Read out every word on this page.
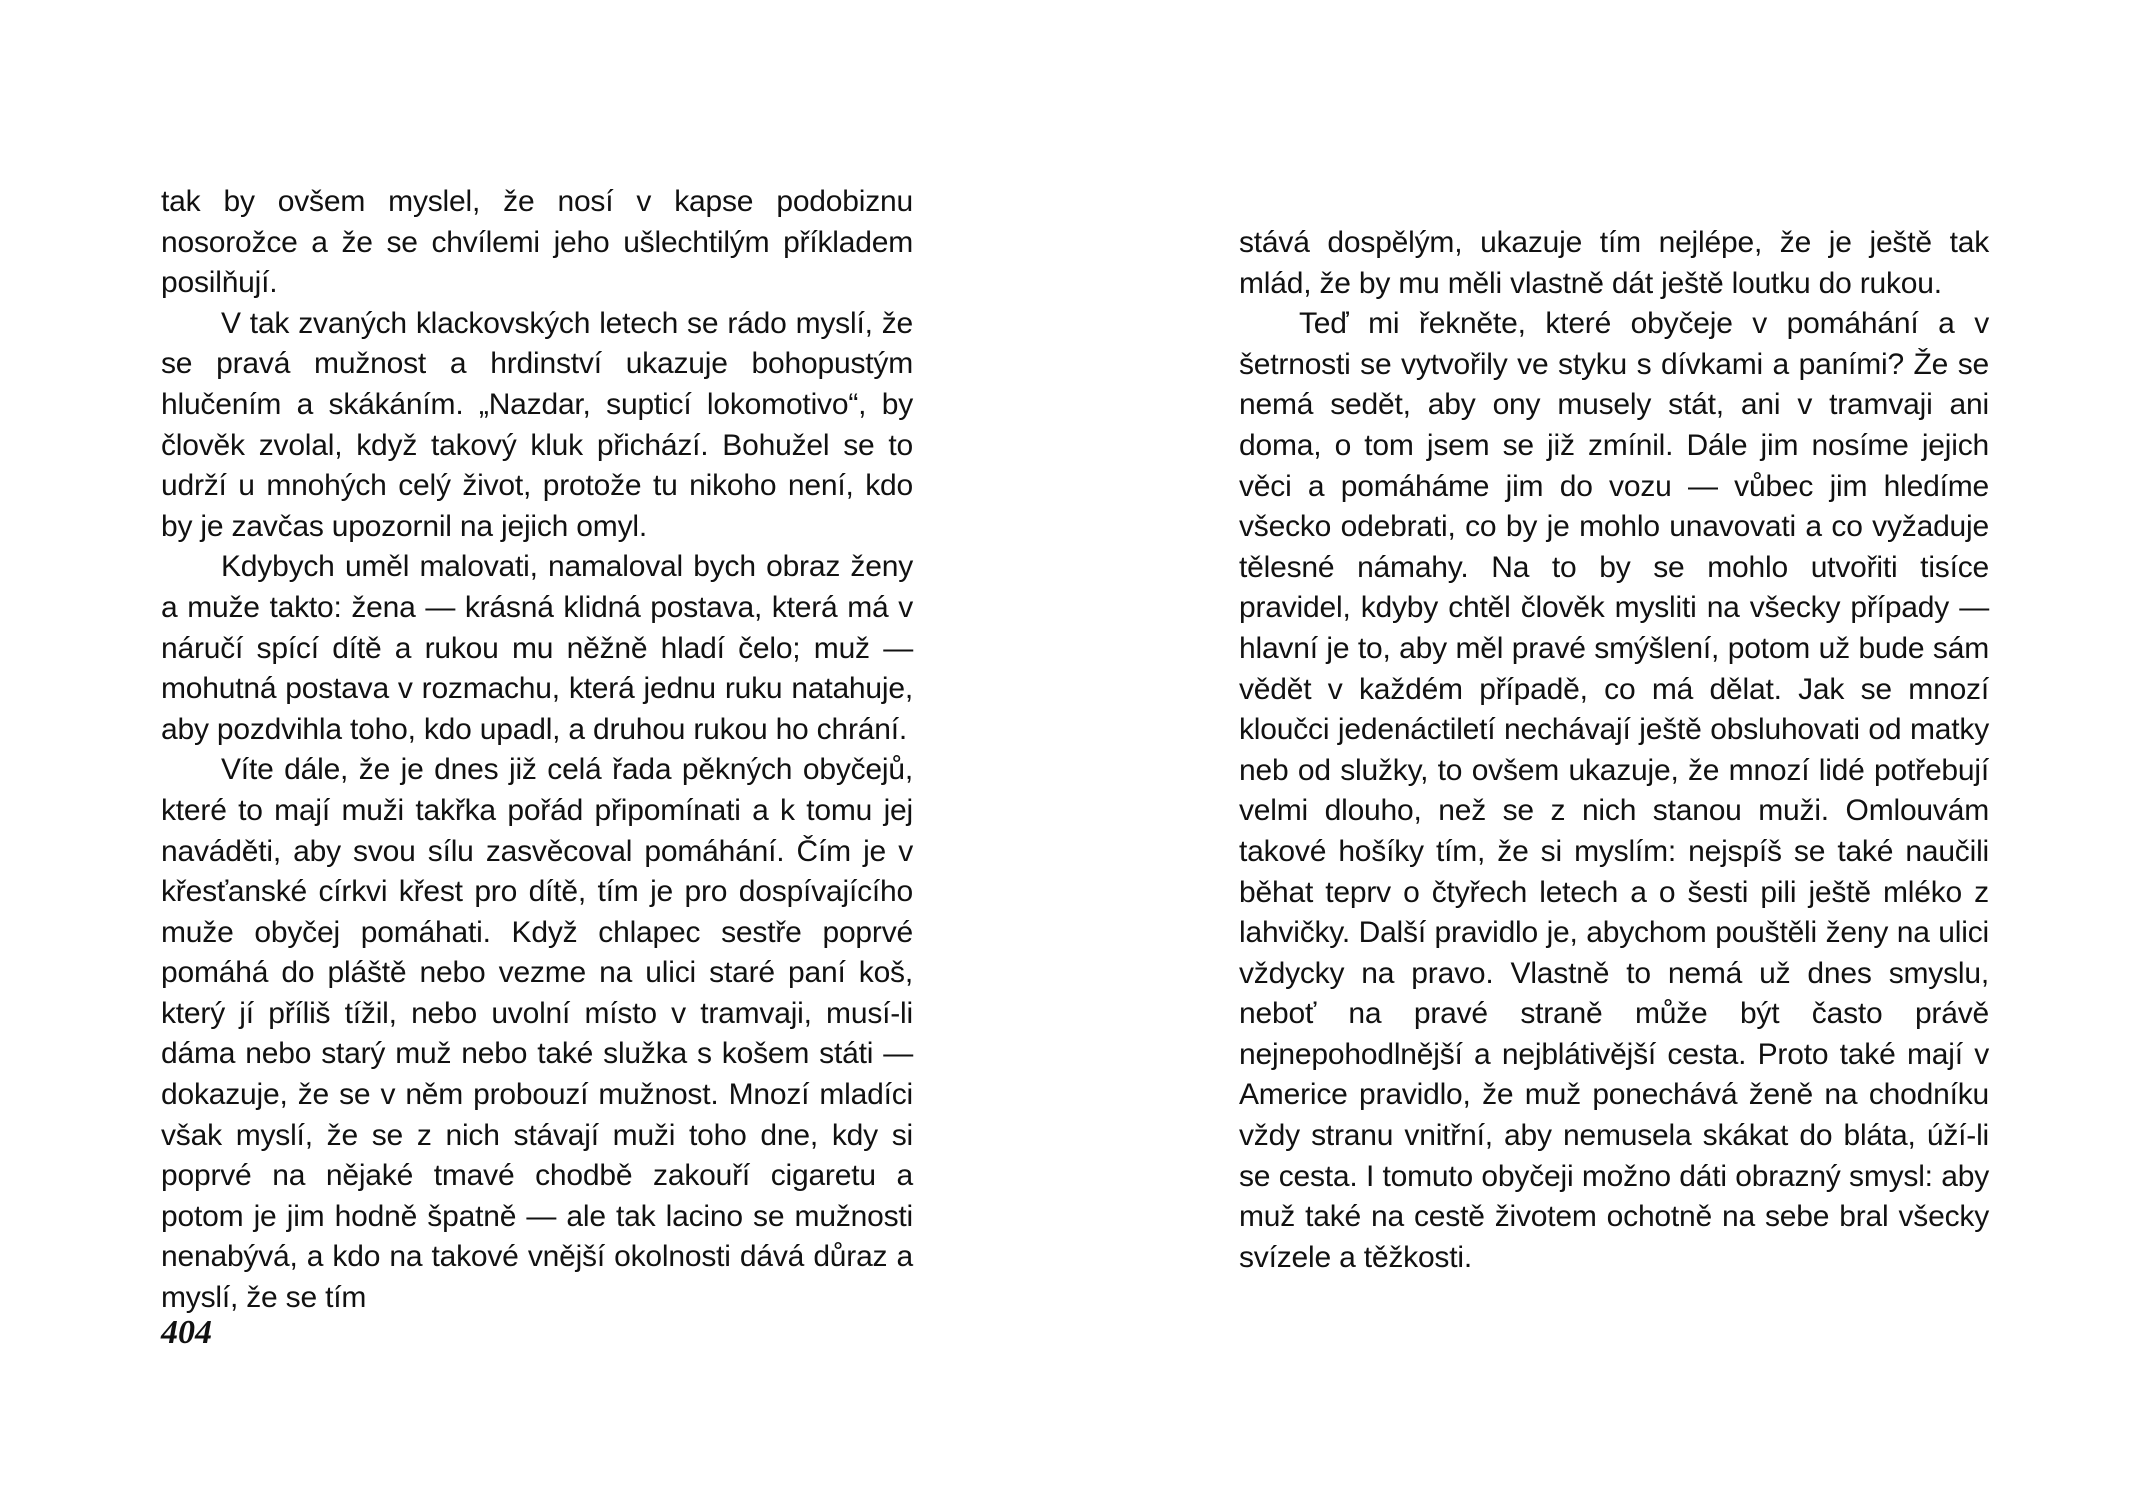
tak by ovšem myslel, že nosí v kapse podobiznu nosorožce a že se chvílemi jeho ušlechtilým příkladem posilňují.

V tak zvaných klackovských letech se rádo myslí, že se pravá mužnost a hrdinství ukazuje bohopustým hlučením a skákáním. „Nazdar, supticí lokomotivo“, by člověk zvolal, když takový kluk přichází. Bohužel se to udrží u mnohých celý život, protože tu nikoho není, kdo by je zavčas upozornil na jejich omyl.

Kdybych uměl malovati, namaloval bych obraz ženy a muže takto: žena — krásná klidná postava, která má v náručí spící dítě a rukou mu něžně hladí čelo; muž — mohutná postava v rozmachu, která jednu ruku natahuje, aby pozdvihla toho, kdo upadl, a druhou rukou ho chrání.

Víte dále, že je dnes již celá řada pěkných obyčejů, které to mají muži takřka pořád připomínati a k tomu jej naváděti, aby svou sílu zasvěcoval pomáhání. Čím je v křesťanské církvi křest pro dítě, tím je pro dospívajícího muže obyčej pomáhati. Když chlapec sestře poprvé pomáhá do pláště nebo vezme na ulici staré paní koš, který jí příliš tížil, nebo uvolní místo v tramvaji, musí-li dáma nebo starý muž nebo také služka s košem státi — dokazuje, že se v něm probouzí mužnost. Mnozí mladíci však myslí, že se z nich stávají muži toho dne, kdy si poprvé na nějaké tmavé chodbě zakouří cigaretu a potom je jim hodně špatně — ale tak lacino se mužnosti nenabývá, a kdo na takové vnější okolnosti dává důraz a myslí, že se tím

404

stává dospělým, ukazuje tím nejlépe, že je ještě tak mlád, že by mu měli vlastně dát ještě loutku do rukou.

Teď mi řekněte, které obyčeje v pomáhání a v šetrnosti se vytvořily ve styku s dívkami a paními? Že se nemá sedět, aby ony musely stát, ani v tramvaji ani doma, o tom jsem se již zmínil. Dále jim nosíme jejich věci a pomáháme jim do vozu — vůbec jim hledíme všecko odebrati, co by je mohlo unavovati a co vyžaduje tělesné námahy. Na to by se mohlo utvořiti tisíce pravidel, kdyby chtěl člověk mysliti na všecky případy — hlavní je to, aby měl pravé smýšlení, potom už bude sám vědět v každém případě, co má dělat. Jak se mnozí kloučci jedenáctiletí nechávají ještě obsluhovati od matky neb od služky, to ovšem ukazuje, že mnozí lidé potřebují velmi dlouho, než se z nich stanou muži. Omlouvám takové hošíky tím, že si myslím: nejspíš se také naučili běhat teprv o čtyřech letech a o šesti pili ještě mléko z lahvičky. Další pravidlo je, abychom pouštěli ženy na ulici vždycky na pravo. Vlastně to nemá už dnes smyslu, neboť na pravé straně může být často právě nejnepohodlnější a nejblátivější cesta. Proto také mají v Americe pravidlo, že muž ponechává ženě na chodníku vždy stranu vnitřní, aby nemusela skákat do bláta, úží-li se cesta. I tomuto obyčeji možno dáti obrazný smysl: aby muž také na cestě životem ochotně na sebe bral všecky svízele a těžkosti.
